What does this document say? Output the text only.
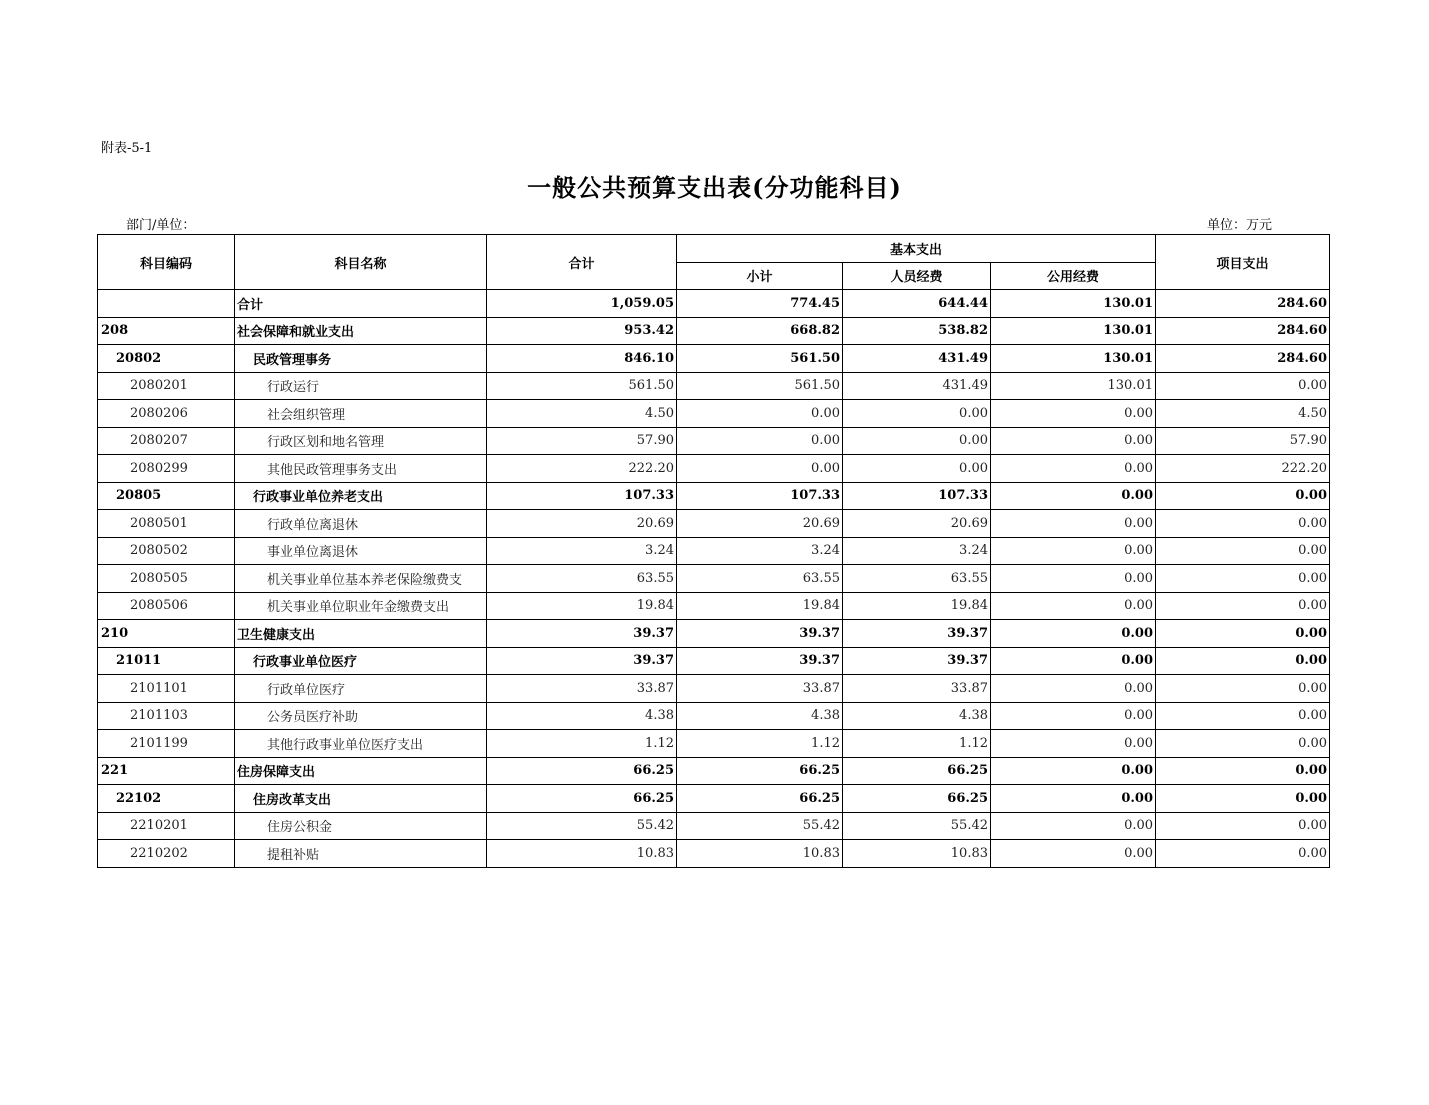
附表-5-1
一般公共预算支出表(分功能科目)
部门/单位：	单位：万元
科目编码	科目名称	合计	基本支出			项目支出
			小计	人员经费	公用经费	
	合计	1,059.05	774.45	644.44	130.01	284.60
208	社会保障和就业支出	953.42	668.82	538.82	130.01	284.60
20802	民政管理事务	846.10	561.50	431.49	130.01	284.60
2080201	行政运行	561.50	561.50	431.49	130.01	0.00
2080206	社会组织管理	4.50	0.00	0.00	0.00	4.50
2080207	行政区划和地名管理	57.90	0.00	0.00	0.00	57.90
2080299	其他民政管理事务支出	222.20	0.00	0.00	0.00	222.20
20805	行政事业单位养老支出	107.33	107.33	107.33	0.00	0.00
2080501	行政单位离退休	20.69	20.69	20.69	0.00	0.00
2080502	事业单位离退休	3.24	3.24	3.24	0.00	0.00
2080505	机关事业单位基本养老保险缴费支	63.55	63.55	63.55	0.00	0.00
2080506	机关事业单位职业年金缴费支出	19.84	19.84	19.84	0.00	0.00
210	卫生健康支出	39.37	39.37	39.37	0.00	0.00
21011	行政事业单位医疗	39.37	39.37	39.37	0.00	0.00
2101101	行政单位医疗	33.87	33.87	33.87	0.00	0.00
2101103	公务员医疗补助	4.38	4.38	4.38	0.00	0.00
2101199	其他行政事业单位医疗支出	1.12	1.12	1.12	0.00	0.00
221	住房保障支出	66.25	66.25	66.25	0.00	0.00
22102	住房改革支出	66.25	66.25	66.25	0.00	0.00
2210201	住房公积金	55.42	55.42	55.42	0.00	0.00
2210202	提租补贴	10.83	10.83	10.83	0.00	0.00
